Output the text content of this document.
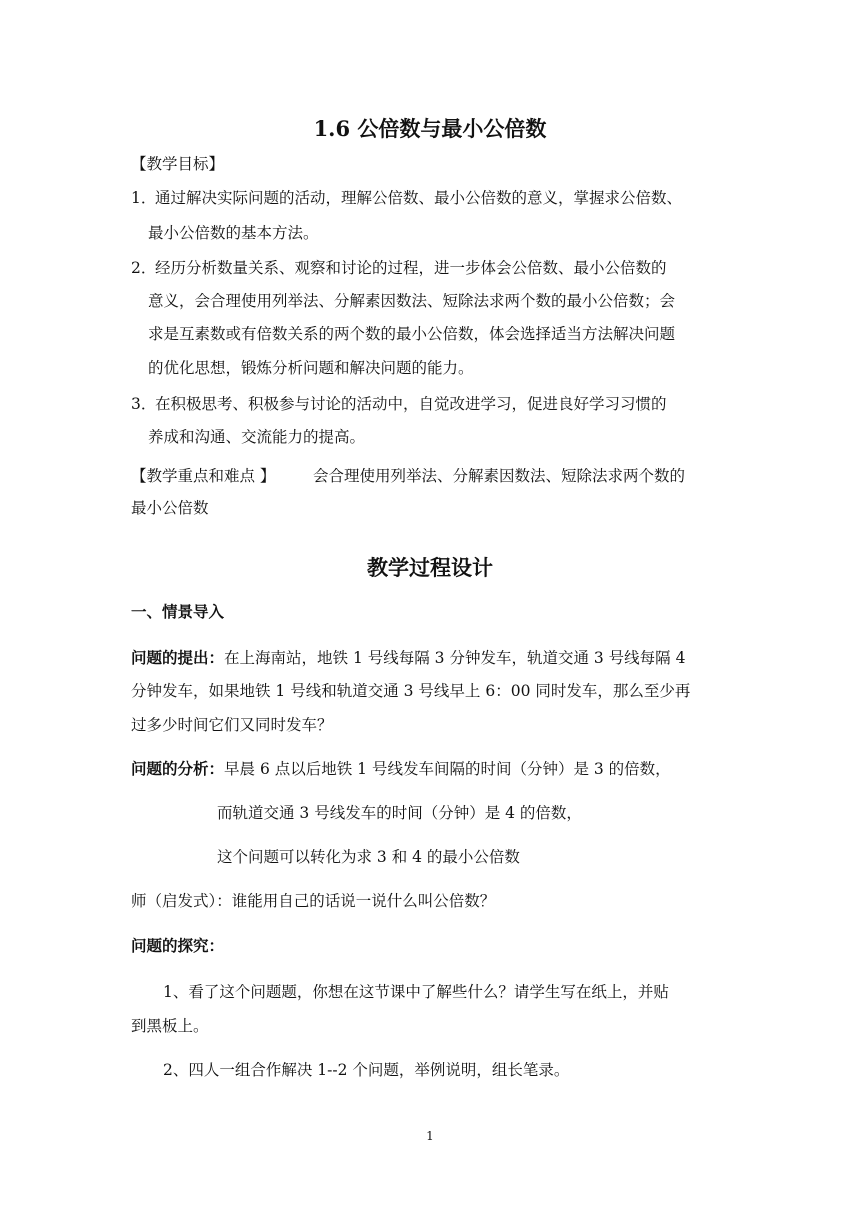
1.6 公倍数与最小公倍数
【教学目标】
1．
通过解决实际问题的活动，理解公倍数、最小公倍数的意义，掌握求公倍数、
最小公倍数的基本方法。
2．
经历分析数量关系、观察和讨论的过程，进一步体会公倍数、最小公倍数的
意义，会合理使用列举法、分解素因数法、短除法求两个数的最小公倍数；会
求是互素数或有倍数关系的两个数的最小公倍数，体会选择适当方法解决问题
的优化思想，锻炼分析问题和解决问题的能力。
3．
在积极思考、积极参与讨论的活动中，自觉改进学习，促进良好学习习惯的
养成和沟通、交流能力的提高。
【教学重点和难点 】 会合理使用列举法、分解素因数法、短除法求两个数的
最小公倍数
教学过程设计
一、情景导入
问题的提出：在上海南站，地铁 1 号线每隔 3 分钟发车，轨道交通 3 号线每隔 4
分钟发车，如果地铁 1 号线和轨道交通 3 号线早上 6：00 同时发车，那么至少再
过多少时间它们又同时发车？
问题的分析：早晨 6 点以后地铁 1 号线发车间隔的时间（分钟）是 3 的倍数，
而轨道交通 3 号线发车的时间（分钟）是 4 的倍数，
这个问题可以转化为求 3 和 4 的最小公倍数
师（启发式）：谁能用自己的话说一说什么叫公倍数？
问题的探究：
1、看了这个问题题，你想在这节课中了解些什么？请学生写在纸上，并贴
到黑板上。
2、四人一组合作解决 1--2 个问题，举例说明，组长笔录。
1
